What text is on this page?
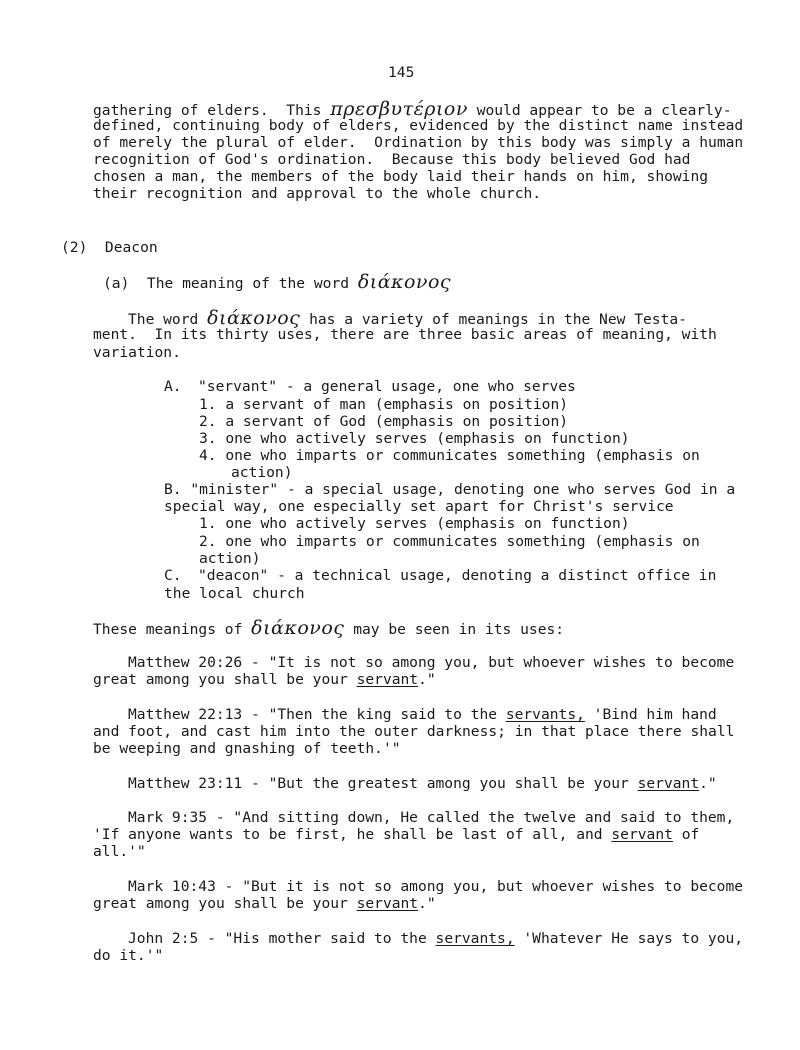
145
gathering of elders.  This πρεσβυτέριον would appear to be a clearly-
defined, continuing body of elders, evidenced by the distinct name instead
of merely the plural of elder.  Ordination by this body was simply a human
recognition of God's ordination.  Because this body believed God had
chosen a man, the members of the body laid their hands on him, showing
their recognition and approval to the whole church.
(2)  Deacon
(a)  The meaning of the word διάκονος
The word διάκονος has a variety of meanings in the New Testa-
ment.  In its thirty uses, there are three basic areas of meaning, with
variation.
A. "servant" - a general usage, one who serves
1. a servant of man (emphasis on position)
2. a servant of God (emphasis on position)
3. one who actively serves (emphasis on function)
4. one who imparts or communicates something (emphasis on
action)
B. "minister" - a special usage, denoting one who serves God in a
special way, one especially set apart for Christ's service
1. one who actively serves (emphasis on function)
2. one who imparts or communicates something (emphasis on
action)
C. "deacon" - a technical usage, denoting a distinct office in
the local church
These meanings of διάκονος may be seen in its uses:
Matthew 20:26 - "It is not so among you, but whoever wishes to become
great among you shall be your servant."
Matthew 22:13 - "Then the king said to the servants, 'Bind him hand
and foot, and cast him into the outer darkness; in that place there shall
be weeping and gnashing of teeth.'"
Matthew 23:11 - "But the greatest among you shall be your servant."
Mark 9:35 - "And sitting down, He called the twelve and said to them,
'If anyone wants to be first, he shall be last of all, and servant of
all.'"
Mark 10:43 - "But it is not so among you, but whoever wishes to become
great among you shall be your servant."
John 2:5 - "His mother said to the servants, 'Whatever He says to you,
do it.'"
